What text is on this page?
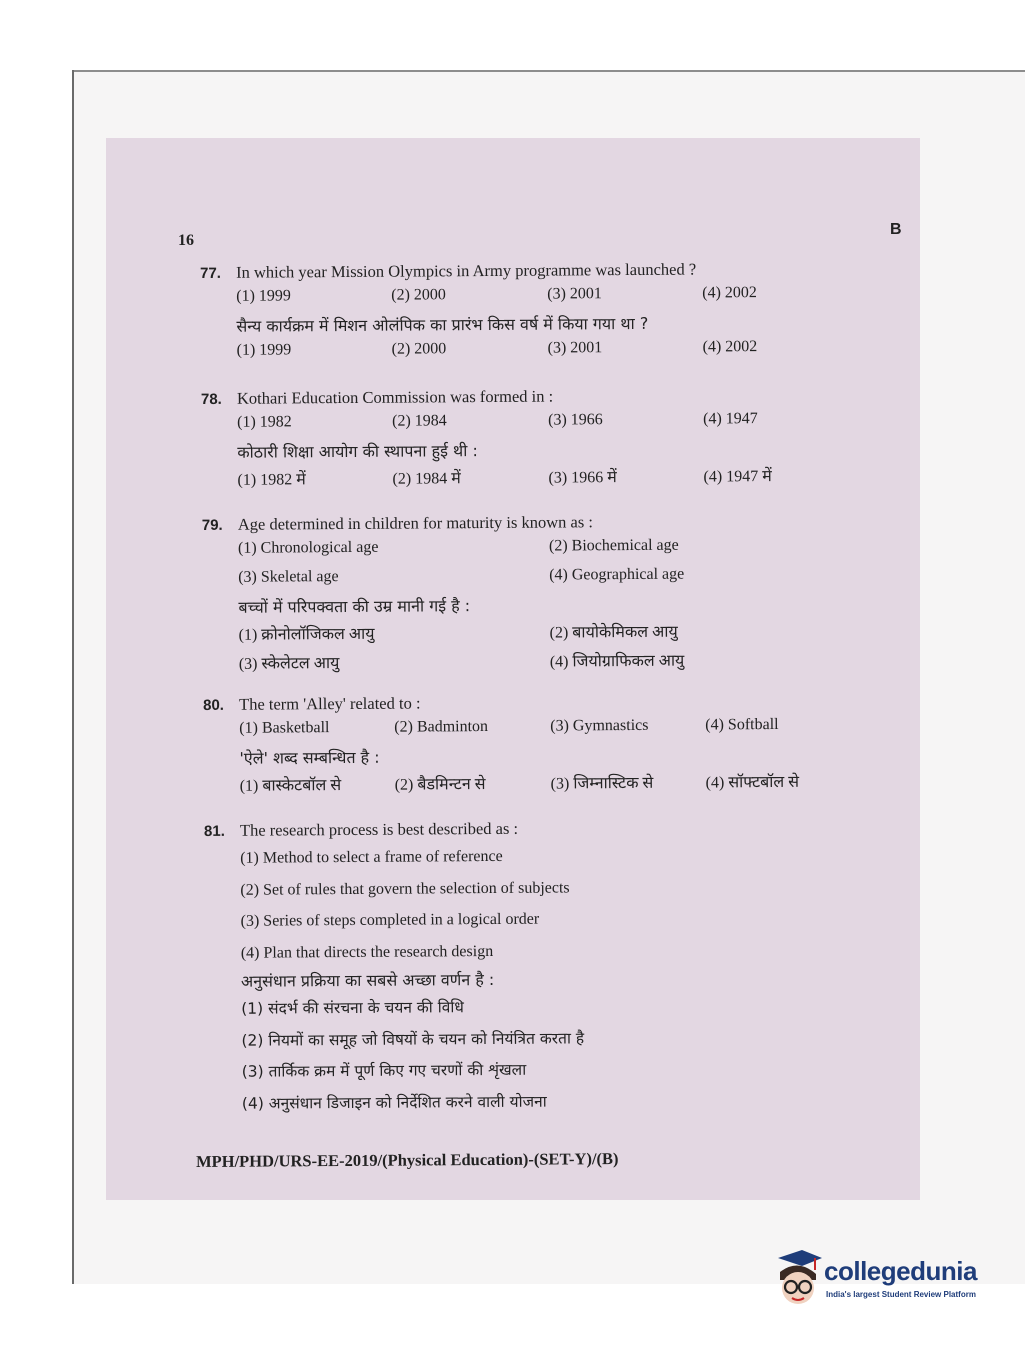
16
B
77. In which year Mission Olympics in Army programme was launched ?
(1) 1999	(2) 2000	(3) 2001	(4) 2002
सैन्य कार्यक्रम में मिशन ओलंपिक का प्रारंभ किस वर्ष में किया गया था ?
(1) 1999	(2) 2000	(3) 2001	(4) 2002
78. Kothari Education Commission was formed in :
(1) 1982	(2) 1984	(3) 1966	(4) 1947
कोठारी शिक्षा आयोग की स्थापना हुई थी :
(1) 1982 में	(2) 1984 में	(3) 1966 में	(4) 1947 में
79. Age determined in children for maturity is known as :
(1) Chronological age	(2) Biochemical age
(3) Skeletal age	(4) Geographical age
बच्चों में परिपक्वता की उम्र मानी गई है :
(1) क्रोनोलॉजिकल आयु	(2) बायोकेमिकल आयु
(3) स्केलेटल आयु	(4) जियोग्राफिकल आयु
80. The term 'Alley' related to :
(1) Basketball	(2) Badminton	(3) Gymnastics	(4) Softball
'ऐले' शब्द सम्बन्धित है :
(1) बास्केटबॉल से	(2) बैडमिन्टन से	(3) जिम्नास्टिक से	(4) सॉफ्टबॉल से
81. The research process is best described as :
(1) Method to select a frame of reference
(2) Set of rules that govern the selection of subjects
(3) Series of steps completed in a logical order
(4) Plan that directs the research design
अनुसंधान प्रक्रिया का सबसे अच्छा वर्णन है :
(1) संदर्भ की संरचना के चयन की विधि
(2) नियमों का समूह जो विषयों के चयन को नियंत्रित करता है
(3) तार्किक क्रम में पूर्ण किए गए चरणों की शृंखला
(4) अनुसंधान डिजाइन को निर्देशित करने वाली योजना
MPH/PHD/URS-EE-2019/(Physical Education)-(SET-Y)/(B)
collegedunia
India's largest Student Review Platform
